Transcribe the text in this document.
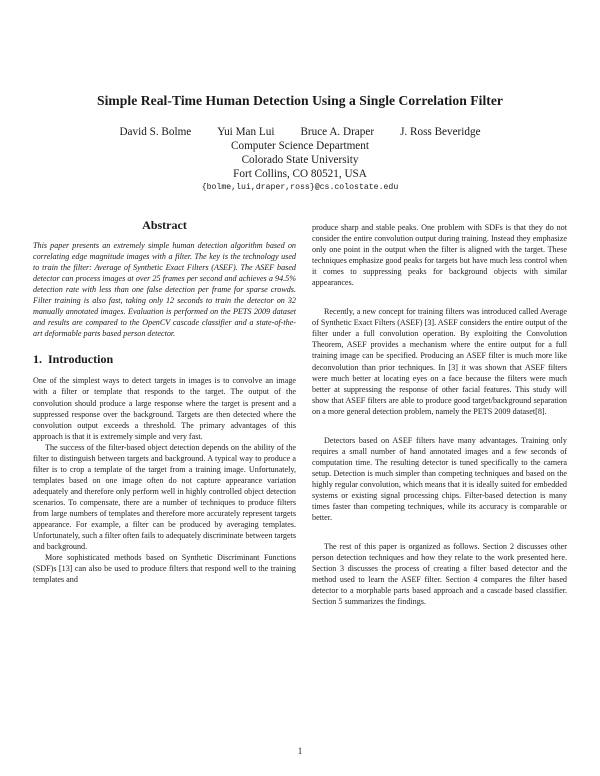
Simple Real-Time Human Detection Using a Single Correlation Filter
David S. Bolme Yui Man Lui Bruce A. Draper J. Ross Beveridge
Computer Science Department
Colorado State University
Fort Collins, CO 80521, USA
{bolme,lui,draper,ross}@cs.colostate.edu
Abstract

This paper presents an extremely simple human detection algorithm based on correlating edge magnitude images with a filter. The key is the technology used to train the filter: Average of Synthetic Exact Filters (ASEF). The ASEF based detector can process images at over 25 frames per second and achieves a 94.5% detection rate with less than one false detection per frame for sparse crowds. Filter training is also fast, taking only 12 seconds to train the detector on 32 manually annotated images. Evaluation is performed on the PETS 2009 dataset and results are compared to the OpenCV cascade classifier and a state-of-the-art deformable parts based person detector.

1. Introduction

One of the simplest ways to detect targets in images is to convolve an image with a filter or template that responds to the target. The output of the convolution should produce a large response where the target is present and a suppressed response over the background. Targets are then detected where the convolution output exceeds a threshold. The primary advantages of this approach is that it is extremely simple and very fast.

The success of the filter-based object detection depends on the ability of the filter to distinguish between targets and background. A typical way to produce a filter is to crop a template of the target from a training image. Unfortunately, templates based on one image often do not capture appearance variation adequately and therefore only perform well in highly controlled object detection scenarios. To compensate, there are a number of techniques to produce filters from large numbers of templates and therefore more accurately represent targets appearance. For example, a filter can be produced by averaging templates. Unfortunately, such a filter often fails to adequately discriminate between targets and background.

More sophisticated methods based on Synthetic Discriminant Functions (SDF)s [13] can also be used to produce filters that respond well to the training templates and

produce sharp and stable peaks. One problem with SDFs is that they do not consider the entire convolution output during training. Instead they emphasize only one point in the output when the filter is aligned with the target. These techniques emphasize good peaks for targets but have much less control when it comes to suppressing peaks for background objects with similar appearances.

Recently, a new concept for training filters was introduced called Average of Synthetic Exact Filters (ASEF) [3]. ASEF considers the entire output of the filter under a full convolution operation. By exploiting the Convolution Theorem, ASEF provides a mechanism where the entire output for a full training image can be specified. Producing an ASEF filter is much more like deconvolution than prior techniques. In [3] it was shown that ASEF filters were much better at locating eyes on a face because the filters were much better at suppressing the response of other facial features. This study will show that ASEF filters are able to produce good target/background separation on a more general detection problem, namely the PETS 2009 dataset[8].

Detectors based on ASEF filters have many advantages. Training only requires a small number of hand annotated images and a few seconds of computation time. The resulting detector is tuned specifically to the camera setup. Detection is much simpler than competing techniques and based on the highly regular convolution, which means that it is ideally suited for embedded systems or existing signal processing chips. Filter-based detection is many times faster than competing techniques, while its accuracy is comparable or better.

The rest of this paper is organized as follows. Section 2 discusses other person detection techniques and how they relate to the work presented here. Section 3 discusses the process of creating a filter based detector and the method used to learn the ASEF filter. Section 4 compares the filter based detector to a morphable parts based approach and a cascade based classifier. Section 5 summarizes the findings.

1
